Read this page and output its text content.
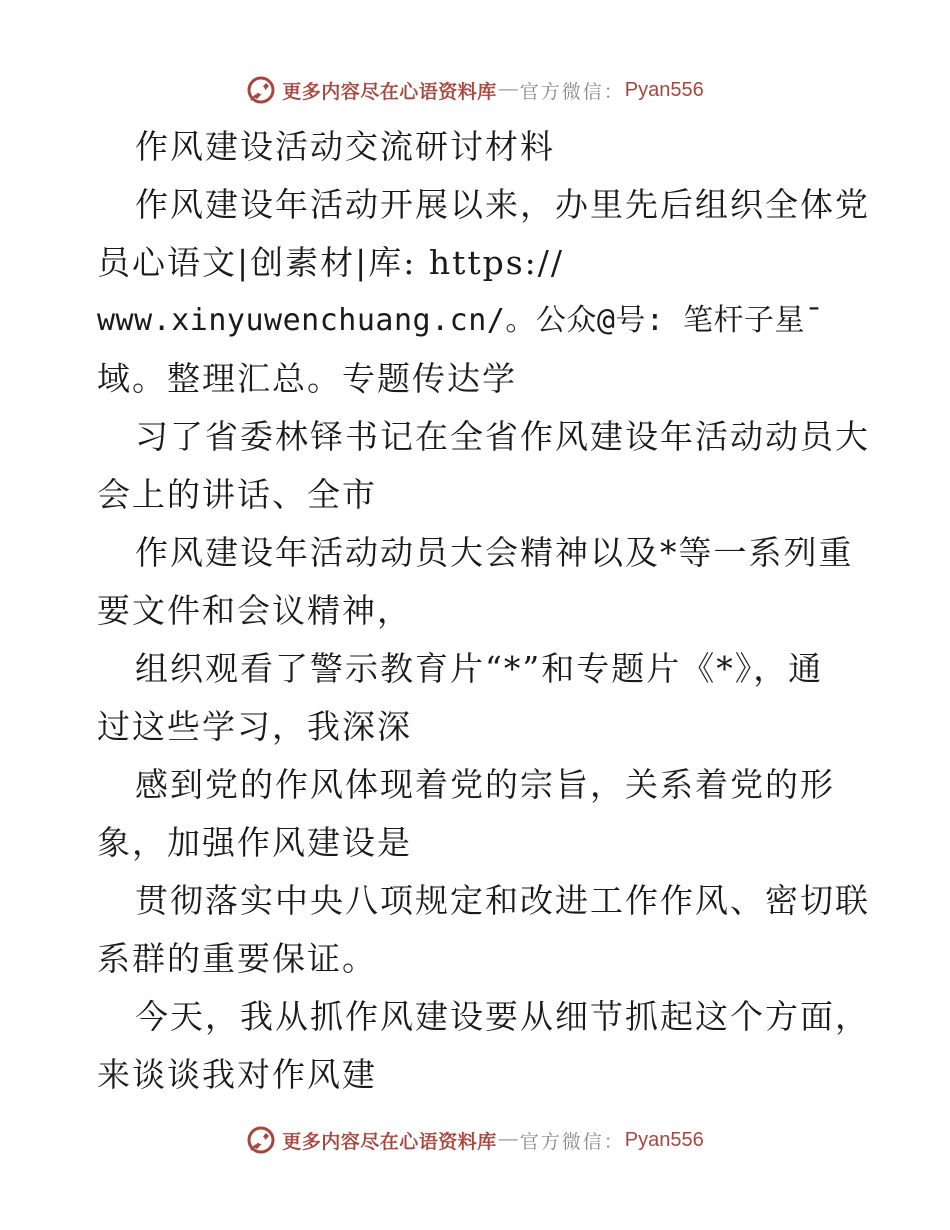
更多内容尽在心语资料库 — 官方微信： Pyan556
作风建设活动交流研讨材料
作风建设年活动开展以来，办里先后组织全体党
员心语文|创素材|库: https://
www.xinyuwenchuang.cn/。公众@号: 笔杆子星¯
域。整理汇总。专题传达学
习了省委林铎书记在全省作风建设年活动动员大
会上的讲话、全市
作风建设年活动动员大会精神以及*等一系列重
要文件和会议精神，
组织观看了警示教育片“*”和专题片《*》，通
过这些学习，我深深
感到党的作风体现着党的宗旨，关系着党的形
象，加强作风建设是
贯彻落实中央八项规定和改进工作作风、密切联
系群的重要保证。
今天，我从抓作风建设要从细节抓起这个方面，
来谈谈我对作风建
更多内容尽在心语资料库 — 官方微信： Pyan556
